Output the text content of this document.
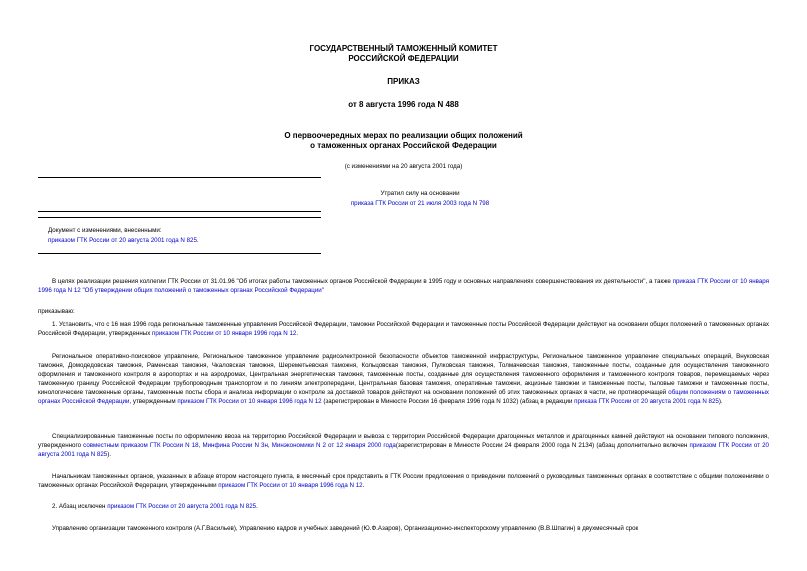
ГОСУДАРСТВЕННЫЙ ТАМОЖЕННЫЙ КОМИТЕТ
РОССИЙСКОЙ ФЕДЕРАЦИИ
ПРИКАЗ
от 8 августа 1996 года N 488
О первоочередных мерах по реализации общих положений
о таможенных органах Российской Федерации
(с изменениями на 20 августа 2001 года)
Утратил силу на основании
приказа ГТК России от 21 июля 2003 года N 798
Документ с изменениями, внесенными:
приказом ГТК России от 20 августа 2001 года N 825.
В целях реализации решения коллегии ГТК России от 31.01.96 "Об итогах работы таможенных органов Российской Федерации в 1995 году и основных направлениях совершенствования их деятельности", а также приказа ГТК России от 10 января 1996 года N 12 "Об утверждении общих положений о таможенных органах Российской Федерации"
приказываю:
1. Установить, что с 16 мая 1996 года региональные таможенные управления Российской Федерации, таможни Российской Федерации и таможенные посты Российской Федерации действуют на основании общих положений о таможенных органах Российской Федерации, утвержденных приказом ГТК России от 10 января 1996 года N 12.
Региональное оперативно-поисковое управление, Региональное таможенное управление радиоэлектронной безопасности объектов таможенной инфраструктуры, Региональное таможенное управление специальных операций, Внуковская таможня, Домодедовская таможня, Раменская таможня, Чкаловская таможня, Шереметьевская таможня, Кольцовская таможня, Пулковская таможня, Толмачевская таможня, таможенные посты, созданные для осуществления таможенного оформления и таможенного контроля в аэропортах и на аэродромах, Центральная энергетическая таможня, таможенные посты, созданные для осуществления таможенного оформления и таможенного контроля товаров, перемещаемых через таможенную границу Российской Федерации трубопроводным транспортом и по линиям электропередачи, Центральная базовая таможня, оперативные таможни, акцизные таможни и таможенные посты, тыловые таможни и таможенные посты, кинологические таможенные органы, таможенные посты сбора и анализа информации о контроле за доставкой товаров действуют на основании положений об этих таможенных органах в части, не противоречащей общим положениям о таможенных органах Российской Федерации, утвержденным приказом ГТК России от 10 января 1996 года N 12 (зарегистрирован в Минюсте России 16 февраля 1996 года N 1032) (абзац в редакции приказа ГТК России от 20 августа 2001 года N 825).
Специализированные таможенные посты по оформлению ввоза на территорию Российской Федерации и вывоза с территории Российской Федерации драгоценных металлов и драгоценных камней действуют на основании типового положения, утвержденного совместным приказом ГТК России N 18, Минфина России N 3н, Минэкономики N 2 от 12 января 2000 года(зарегистрирован в Минюсте России 24 февраля 2000 года N 2134) (абзац дополнительно включен приказом ГТК России от 20 августа 2001 года N 825).
Начальникам таможенных органов, указанных в абзаце втором настоящего пункта, в месячный срок представить в ГТК России предложения о приведении положений о руководимых таможенных органах в соответствие с общими положениями о таможенных органах Российской Федерации, утвержденными приказом ГТК России от 10 января 1996 года N 12.
2. Абзац исключен приказом ГТК России от 20 августа 2001 года N 825.
Управлению организации таможенного контроля (А.Г.Васильев), Управлению кадров и учебных заведений (Ю.Ф.Азаров), Организационно-инспекторскому управлению (В.В.Шпагин) в двухмесячный срок
